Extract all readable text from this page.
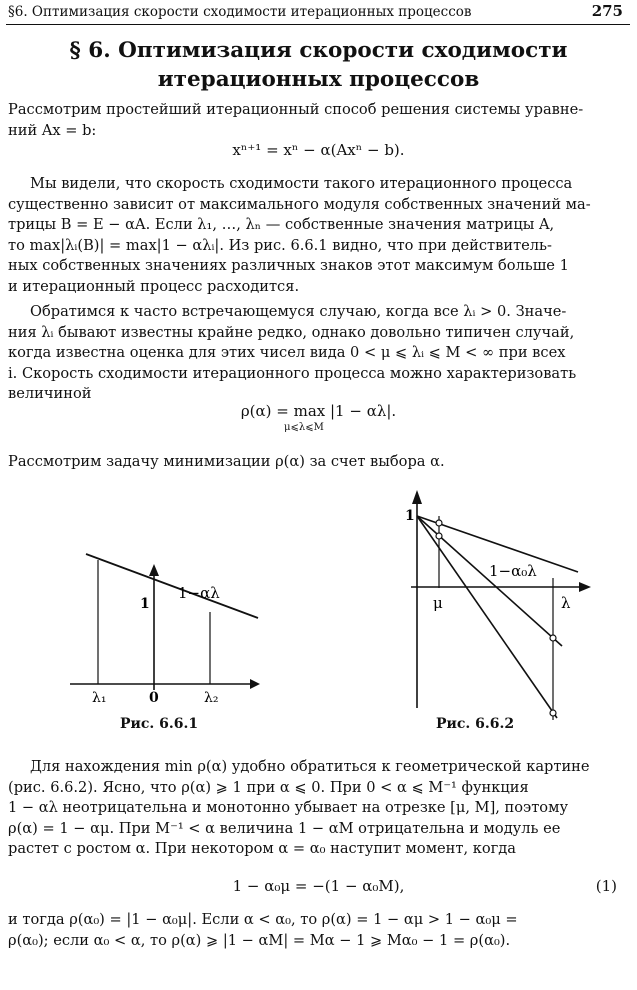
§6. Оптимизация скорости сходимости итерационных процессов	275
§ 6. Оптимизация скорости сходимости
итерационных процессов
Рассмотрим простейший итерационный способ решения системы уравне-
ний Ax = b:
xⁿ⁺¹ = xⁿ − α(Axⁿ − b).
Мы видели, что скорость сходимости такого итерационного процесса
существенно зависит от максимального модуля собственных значений ма-
трицы B = E − αA. Если λ₁, …, λₙ — собственные значения матрицы A,
то max|λᵢ(B)| = max|1 − αλᵢ|. Из рис. 6.6.1 видно, что при действитель-
ных собственных значениях различных знаков этот максимум больше 1
и итерационный процесс расходится.
Обратимся к часто встречающемуся случаю, когда все λᵢ > 0. Значе-
ния λᵢ бывают известны крайне редко, однако довольно типичен случай,
когда известна оценка для этих чисел вида 0 < μ ⩽ λᵢ ⩽ M < ∞ при всех
i. Скорость сходимости итерационного процесса можно характеризовать
величиной
ρ(α) = max |1 − αλ|.
μ⩽λ⩽M
Рассмотрим задачу минимизации ρ(α) за счет выбора α.
1−αλ
1
λ₁	0	λ₂
Рис. 6.6.1
1
1−α₀λ
μ	λ
Рис. 6.6.2
Для нахождения min ρ(α) удобно обратиться к геометрической картине
(рис. 6.6.2). Ясно, что ρ(α) ⩾ 1 при α ⩽ 0. При 0 < α ⩽ M⁻¹ функция
1 − αλ неотрицательна и монотонно убывает на отрезке [μ, M], поэтому
ρ(α) = 1 − αμ. При M⁻¹ < α величина 1 − αM отрицательна и модуль ее
растет с ростом α. При некотором α = α₀ наступит момент, когда
1 − α₀μ = −(1 − α₀M),	(1)
и тогда ρ(α₀) = |1 − α₀μ|. Если α < α₀, то ρ(α) = 1 − αμ > 1 − α₀μ =
ρ(α₀); если α₀ < α, то ρ(α) ⩾ |1 − αM| = Mα − 1 ⩾ Mα₀ − 1 = ρ(α₀).
